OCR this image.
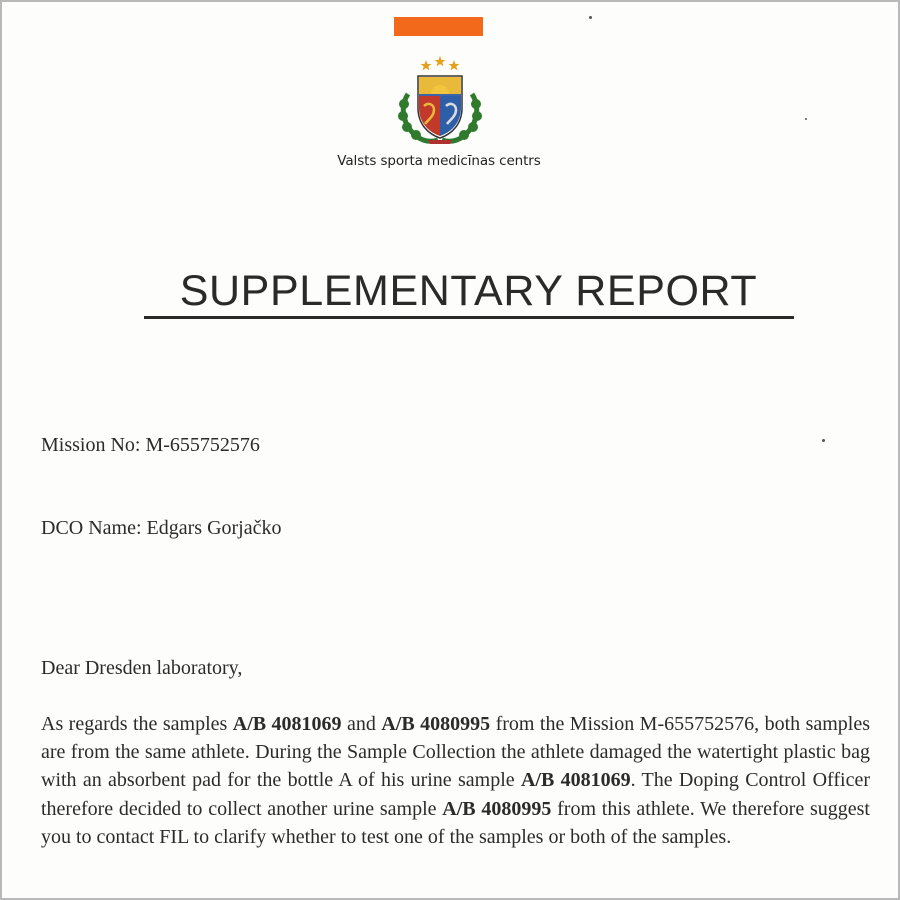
Valsts sporta medicīnas centrs
SUPPLEMENTARY REPORT
Mission No: M-655752576
DCO Name: Edgars Gorjačko
Dear Dresden laboratory,
As regards the samples A/B 4081069 and A/B 4080995 from the Mission M-655752576, both samples are from the same athlete. During the Sample Collection the athlete damaged the watertight plastic bag with an absorbent pad for the bottle A of his urine sample A/B 4081069. The Doping Control Officer therefore decided to collect another urine sample A/B 4080995 from this athlete. We therefore suggest you to contact FIL to clarify whether to test one of the samples or both of the samples.
